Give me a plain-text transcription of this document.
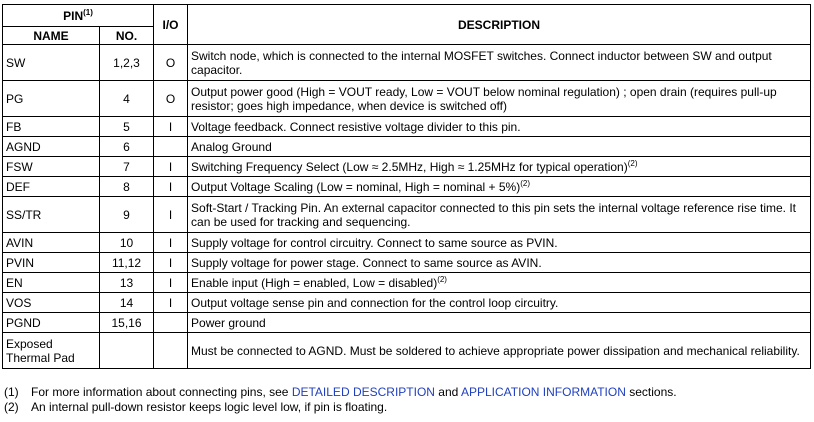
PIN$^{(1)}$		I/O	DESCRIPTION
NAME	NO.		
SW	1,2,3	O	Switch node, which is connected to the internal MOSFET switches. Connect inductor between SW and output capacitor.
PG	4	O	Output power good (High = VOUT ready, Low = VOUT below nominal regulation) ; open drain (requires pull-up resistor; goes high impedance, when device is switched off)
FB	5	I	Voltage feedback. Connect resistive voltage divider to this pin.
AGND	6		Analog Ground
FSW	7	I	Switching Frequency Select (Low ≈ 2.5MHz, High ≈ 1.25MHz for typical operation)$^{(2)}$
DEF	8	I	Output Voltage Scaling (Low = nominal, High = nominal + 5%)$^{(2)}$
SS/TR	9	I	Soft-Start / Tracking Pin. An external capacitor connected to this pin sets the internal voltage reference rise time. It can be used for tracking and sequencing.
AVIN	10	I	Supply voltage for control circuitry. Connect to same source as PVIN.
PVIN	11,12	I	Supply voltage for power stage. Connect to same source as AVIN.
EN	13	I	Enable input (High = enabled, Low = disabled)$^{(2)}$
VOS	14	I	Output voltage sense pin and connection for the control loop circuitry.
PGND	15,16		Power ground
Exposed Thermal Pad			Must be connected to AGND. Must be soldered to achieve appropriate power dissipation and mechanical reliability.
(1)	For more information about connecting pins, see DETAILED DESCRIPTION and APPLICATION INFORMATION sections.
(2)	An internal pull-down resistor keeps logic level low, if pin is floating.
